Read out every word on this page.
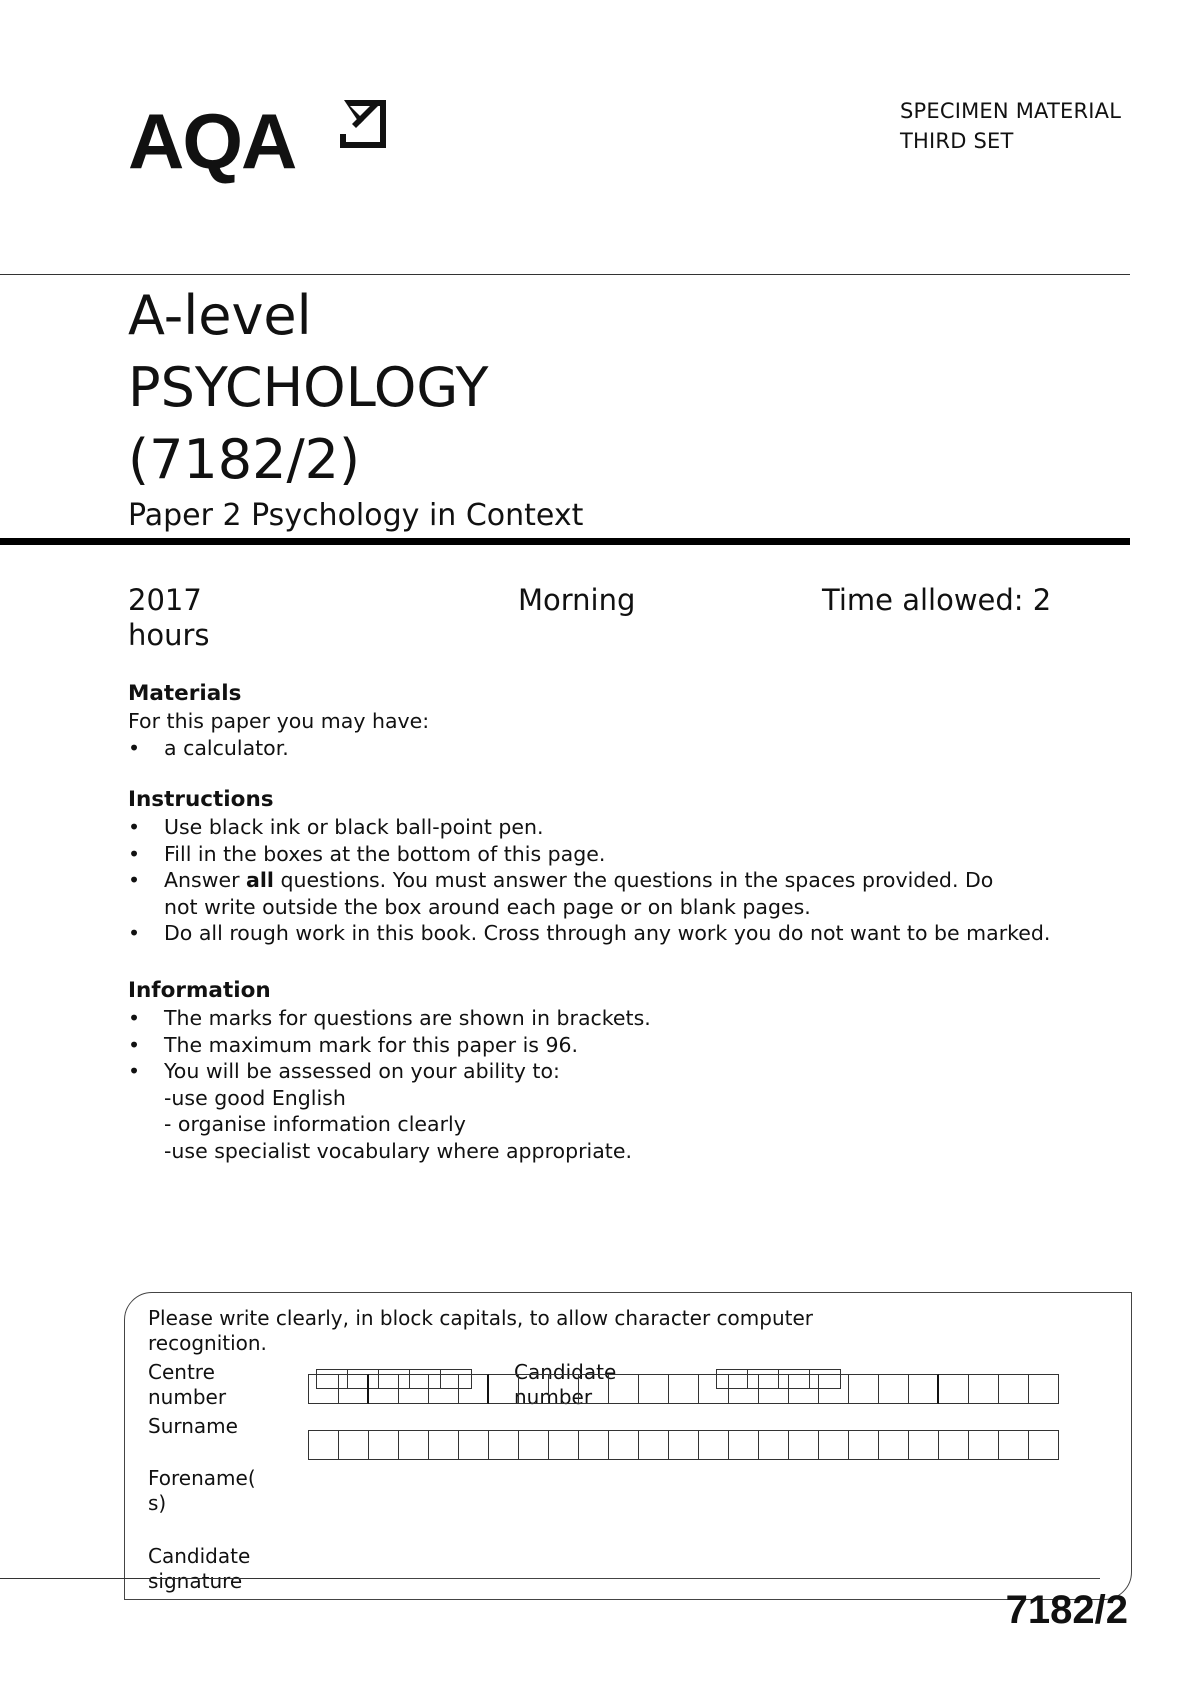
AQA	SPECIMEN MATERIAL
THIRD SET
A-level
PSYCHOLOGY
(7182/2)
Paper 2 Psychology in Context
2017	Morning	Time allowed: 2
hours
Materials
For this paper you may have:
•	a calculator.
Instructions
•	Use black ink or black ball-point pen.
•	Fill in the boxes at the bottom of this page.
•	Answer all questions. You must answer the questions in the spaces provided. Do
not write outside the box around each page or on blank pages.
•	Do all rough work in this book. Cross through any work you do not want to be marked.
Information
•	The marks for questions are shown in brackets.
•	The maximum mark for this paper is 96.
•	You will be assessed on your ability to:
-use good English
- organise information clearly
-use specialist vocabulary where appropriate.
Please write clearly, in block capitals, to allow character computer
recognition.
Centre
number
Candidate
number
Surname
Forename(
s)
Candidate
signature
7182/2
